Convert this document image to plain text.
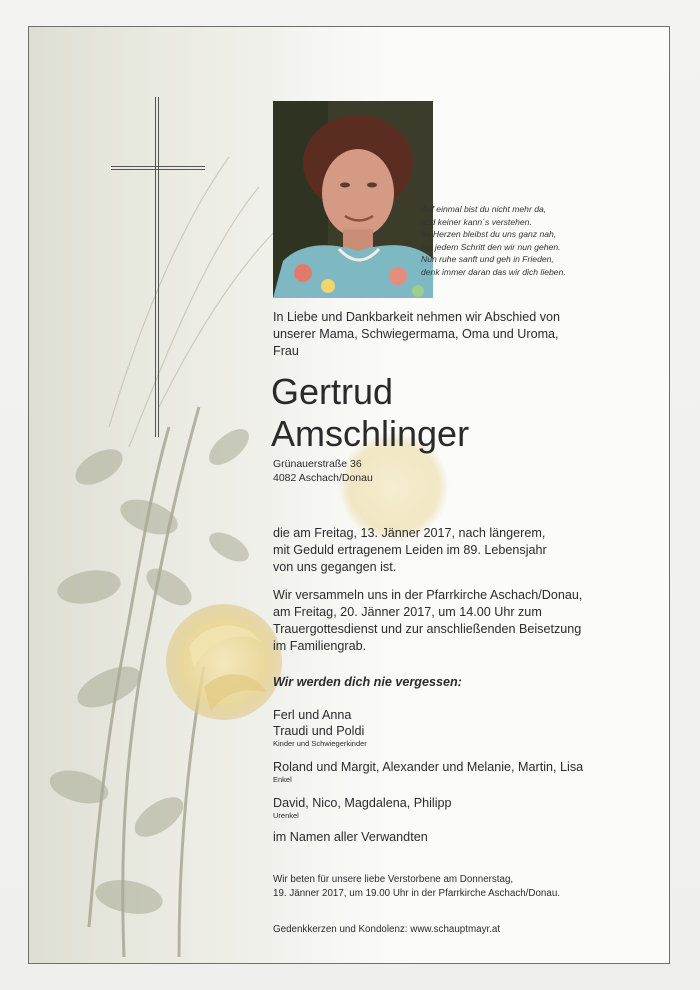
Auf einmal bist du nicht mehr da,
und keiner kann´s verstehen.
Im Herzen bleibst du uns ganz nah,
bei jedem Schritt den wir nun gehen.
Nun ruhe sanft und geh in Frieden,
denk immer daran das wir dich lieben.
In Liebe und Dankbarkeit nehmen wir Abschied von
unserer Mama, Schwiegermama, Oma und Uroma,
Frau
Gertrud
Amschlinger
Grünauerstraße 36
4082 Aschach/Donau
die am Freitag, 13. Jänner 2017, nach längerem,
mit Geduld ertragenem Leiden im 89. Lebensjahr
von uns gegangen ist.
Wir versammeln uns in der Pfarrkirche Aschach/Donau,
am Freitag, 20. Jänner 2017, um 14.00 Uhr zum
Trauergottesdienst und zur anschließenden Beisetzung
im Familiengrab.
Wir werden dich nie vergessen:
Ferl und Anna
Traudi und Poldi
Kinder und Schwiegerkinder
Roland und Margit, Alexander und Melanie, Martin, Lisa
Enkel
David, Nico, Magdalena, Philipp
Urenkel
im Namen aller Verwandten
Wir beten für unsere liebe Verstorbene am Donnerstag,
19. Jänner 2017, um 19.00 Uhr in der Pfarrkirche Aschach/Donau.
Gedenkkerzen und Kondolenz: www.schauptmayr.at
